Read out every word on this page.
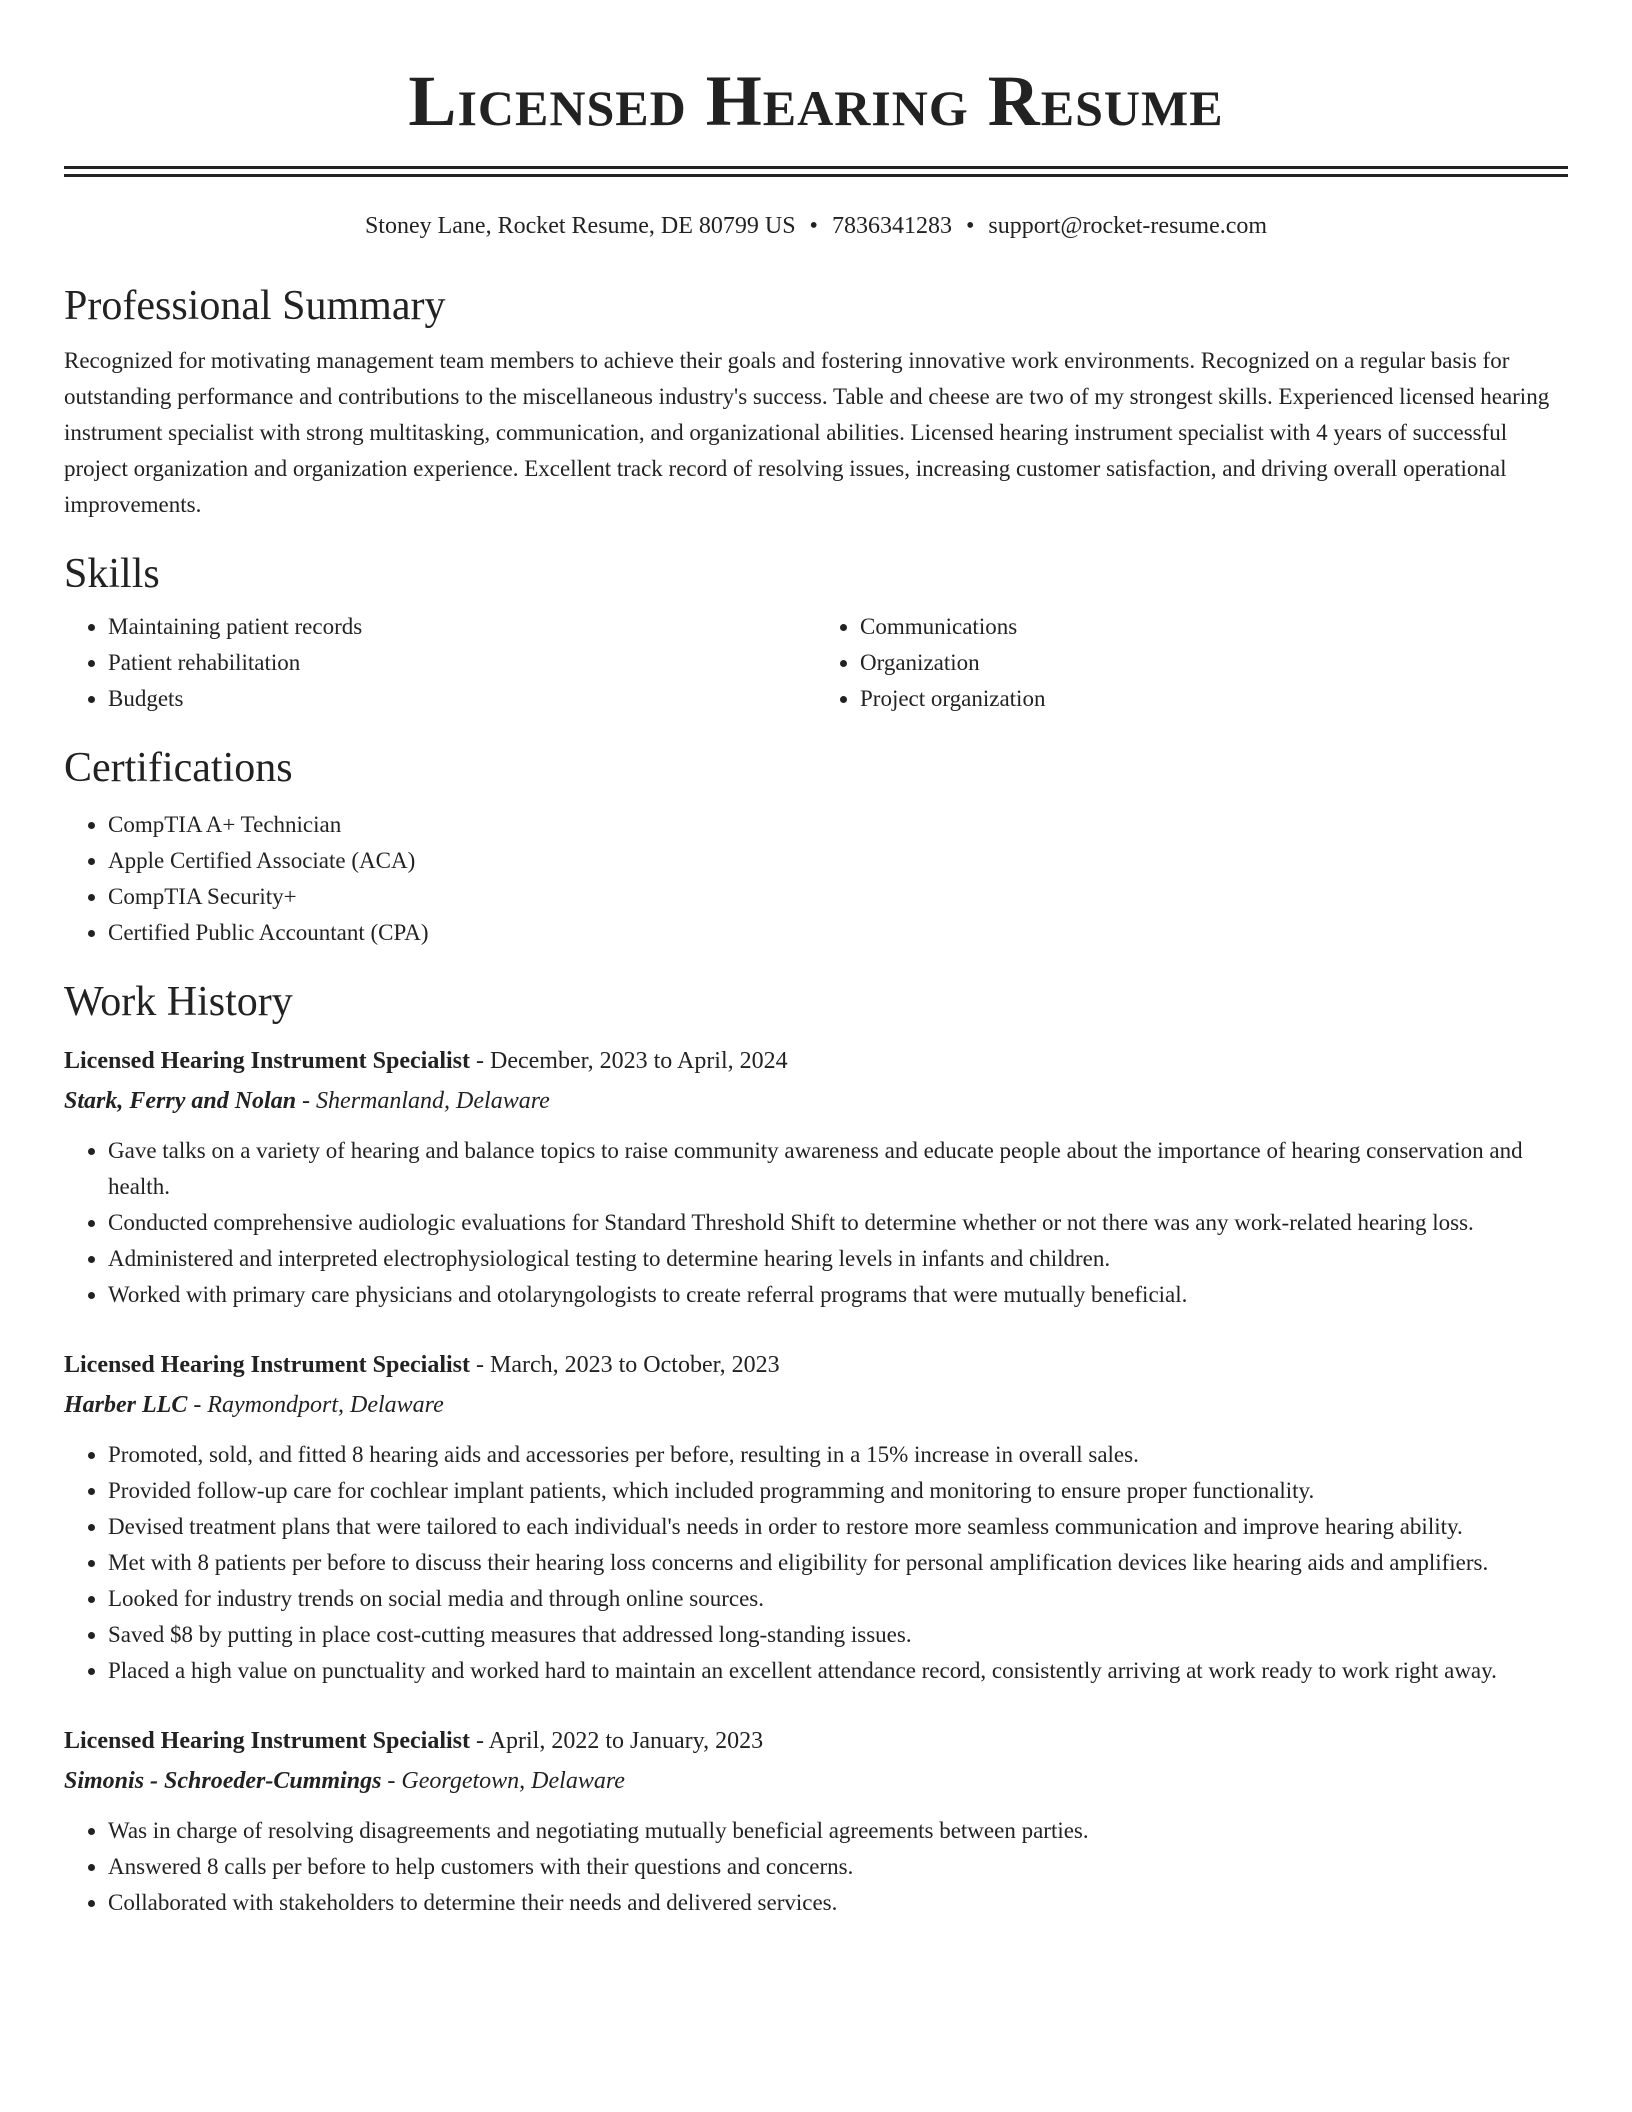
Licensed Hearing Resume
Stoney Lane, Rocket Resume, DE 80799 US • 7836341283 • support@rocket-resume.com
Professional Summary

Recognized for motivating management team members to achieve their goals and fostering innovative work environments. Recognized on a regular basis for outstanding performance and contributions to the miscellaneous industry's success. Table and cheese are two of my strongest skills. Experienced licensed hearing instrument specialist with strong multitasking, communication, and organizational abilities. Licensed hearing instrument specialist with 4 years of successful project organization and organization experience. Excellent track record of resolving issues, increasing customer satisfaction, and driving overall operational improvements.

Skills
• Maintaining patient records
• Patient rehabilitation
• Budgets
• Communications
• Organization
• Project organization
Certifications
• CompTIA A+ Technician
• Apple Certified Associate (ACA)
• CompTIA Security+
• Certified Public Accountant (CPA)
Work History
Licensed Hearing Instrument Specialist - December, 2023 to April, 2024
Stark, Ferry and Nolan - Shermanland, Delaware
• Gave talks on a variety of hearing and balance topics to raise community awareness and educate people about the importance of hearing conservation and health.
• Conducted comprehensive audiologic evaluations for Standard Threshold Shift to determine whether or not there was any work-related hearing loss.
• Administered and interpreted electrophysiological testing to determine hearing levels in infants and children.
• Worked with primary care physicians and otolaryngologists to create referral programs that were mutually beneficial.
Licensed Hearing Instrument Specialist - March, 2023 to October, 2023
Harber LLC - Raymondport, Delaware
• Promoted, sold, and fitted 8 hearing aids and accessories per before, resulting in a 15% increase in overall sales.
• Provided follow-up care for cochlear implant patients, which included programming and monitoring to ensure proper functionality.
• Devised treatment plans that were tailored to each individual's needs in order to restore more seamless communication and improve hearing ability.
• Met with 8 patients per before to discuss their hearing loss concerns and eligibility for personal amplification devices like hearing aids and amplifiers.
• Looked for industry trends on social media and through online sources.
• Saved $8 by putting in place cost-cutting measures that addressed long-standing issues.
• Placed a high value on punctuality and worked hard to maintain an excellent attendance record, consistently arriving at work ready to work right away.
Licensed Hearing Instrument Specialist - April, 2022 to January, 2023
Simonis - Schroeder-Cummings - Georgetown, Delaware
• Was in charge of resolving disagreements and negotiating mutually beneficial agreements between parties.
• Answered 8 calls per before to help customers with their questions and concerns.
• Collaborated with stakeholders to determine their needs and delivered services.
